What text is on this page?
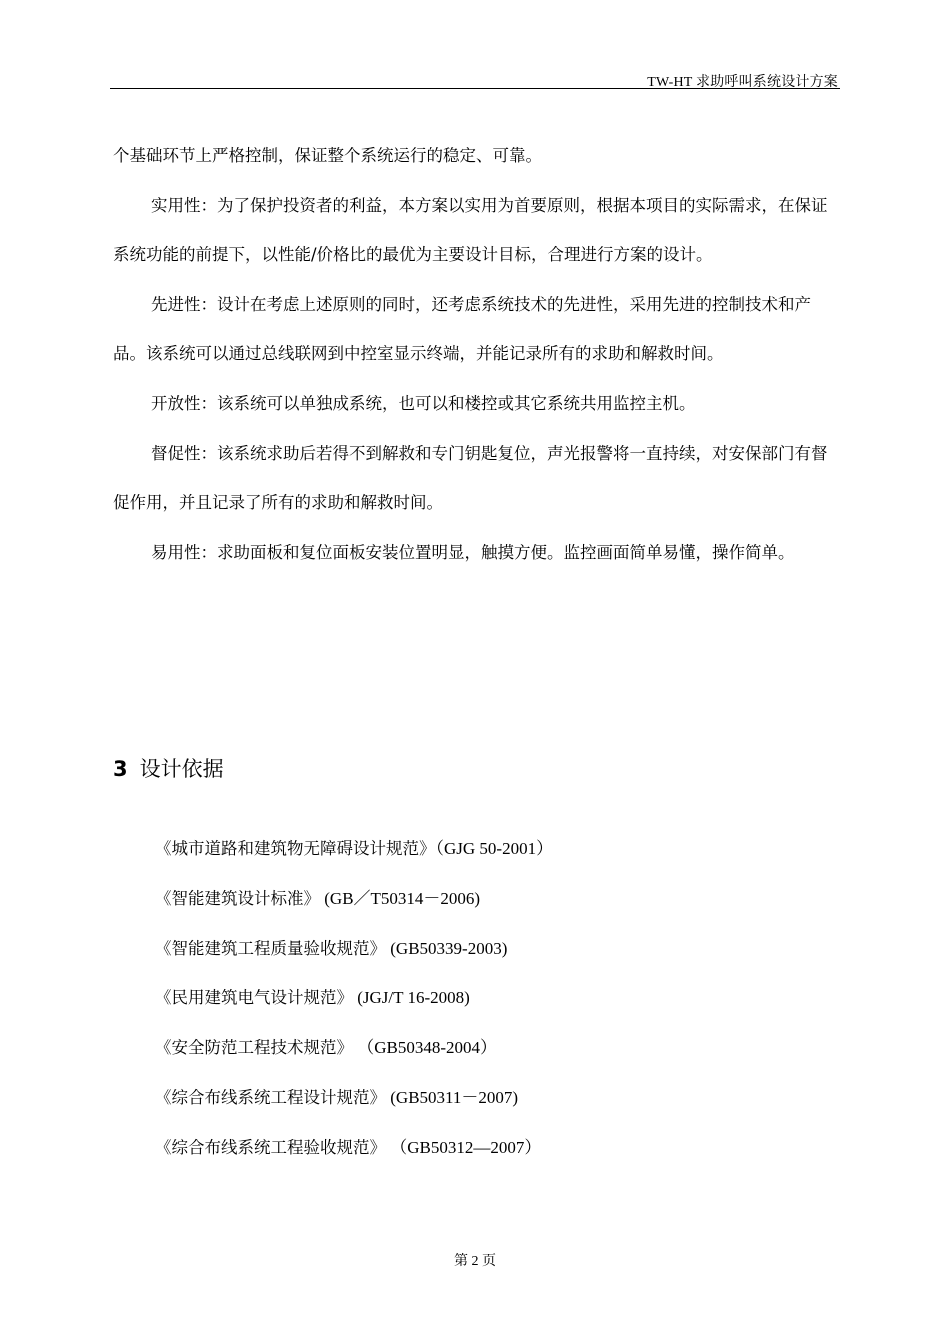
TW-HT 求助呼叫系统设计方案

个基础环节上严格控制，保证整个系统运行的稳定、可靠。

实用性：为了保护投资者的利益，本方案以实用为首要原则，根据本项目的实际需求，在保证系统功能的前提下，以性能/价格比的最优为主要设计目标，合理进行方案的设计。

先进性：设计在考虑上述原则的同时，还考虑系统技术的先进性，采用先进的控制技术和产品。该系统可以通过总线联网到中控室显示终端，并能记录所有的求助和解救时间。

开放性：该系统可以单独成系统，也可以和楼控或其它系统共用监控主机。

督促性：该系统求助后若得不到解救和专门钥匙复位，声光报警将一直持续，对安保部门有督促作用，并且记录了所有的求助和解救时间。

易用性：求助面板和复位面板安装位置明显，触摸方便。监控画面简单易懂，操作简单。

3 设计依据
《城市道路和建筑物无障碍设计规范》（GJG 50-2001）
《智能建筑设计标准》 (GB／T50314－2006)
《智能建筑工程质量验收规范》 (GB50339-2003)
《民用建筑电气设计规范》 (JGJ/T 16-2008)
《安全防范工程技术规范》 （GB50348-2004）
《综合布线系统工程设计规范》 (GB50311－2007)
《综合布线系统工程验收规范》 （GB50312—2007）
第 2 页
